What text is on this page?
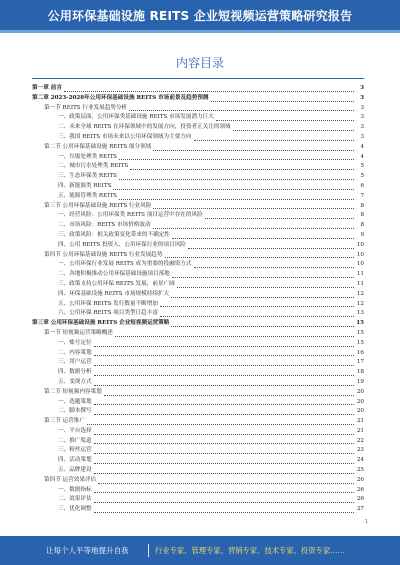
公用环保基础设施 REITS 企业短视频运营策略研究报告
内容目录
第一章 前言	3
第二章 2023-2028年公用环保基础设施 REITS 市场前景及趋势预测	3
第一节 REITS 行业发展趋势分析	3
一、政策层面，公用环保类基础设施 REITS 市场发展潜力巨大	3
二、未来全球 REITS 在环保领域中的发展方向，投资者正关注的领域	3
三、我国 REITS 市场未来以公用环保领域为主要方向	3
第二节 公用环保基础设施 REITS 细分领域	4
一、垃圾处理类 REITS	4
二、城市污水处理类 REITS	5
三、生态环保类 REITS	5
四、新能源类 REITS	6
五、能源管理类 REITS	7
第三节 公用环保基础设施 REITS 行业风险	8
一、经营风险：公用环保类 REITS 项目运营中存在的风险	8
二、市场风险：REITS 市场价格波动	8
三、政策风险：相关政策变化带来的不确定性	9
四、公用 REITS 投资人、公用环保行业的项目风险	10
第四节 公用环保基础设施 REITS 行业发展趋势	10
一、公用环保行业发展 REITS 成为重要的投融资方式	10
二、各地积极推动公用环保基础设施项目落地	11
三、政策支持公用环保 REITS 发展，前景广阔	11
四、环保基础设施 REITS 市场规模持续扩大	12
五、公用环保 REITS 发行数量不断增加	12
六、公用环保 REITS 项目类型日趋丰富	13
第三章 公用环保基础设施 REITS 企业短视频运营策略	15
第一节 短视频运营策略概述	15
一、账号定位	15
二、内容策划	16
三、用户运营	17
四、数据分析	18
五、变现方式	19
第二节 短视频内容策划	20
一、选题策划	20
二、脚本撰写	20
第三节 运营推广	21
一、平台选择	21
二、推广渠道	22
三、粉丝运营	23
四、活动策划	24
五、品牌建设	25
第四节 运营效果评估	26
一、数据指标	26
二、效果评估	26
三、优化调整	27
1
让每个人平等地提升自我	行业专家、管理专家、营销专家、技术专家、投资专家……
